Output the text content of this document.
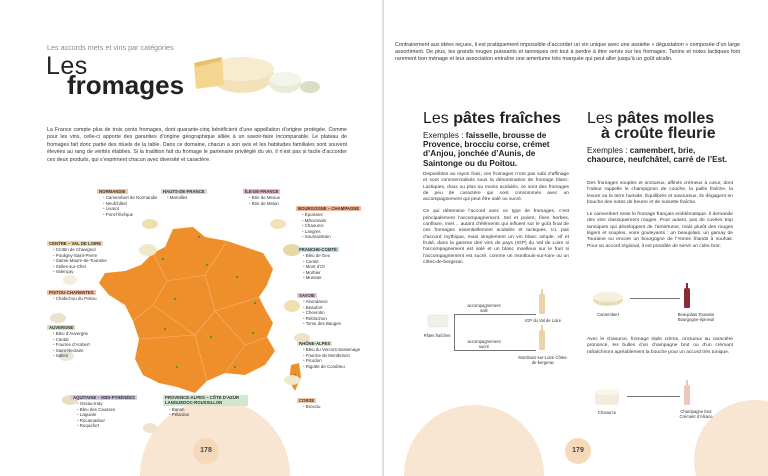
Les accords mets et vins par catégories
Les
fromages
La France compte plus de trois cents fromages, dont quarante-cinq bénéficient d’une appellation d’origine protégée. Comme pour les vins, celle-ci apporte des garanties d’origine géographique alliée à un savoir-faire incomparable. Le plateau de fromages fait donc partie des rituels de la table. Dans ce domaine, chacun a son avis et les habitudes familiales sont souvent élevées au rang de vérités établies. Si la tradition fait du fromage le partenaire privilégié du vin, il n’est pas si facile d’accorder ces deux produits, qui s’expriment chacun avec diversité et caractère.
NORMANDIE
• Camembert de Normandie
• Neufchâtel
• Livarot
• Pont-l’Évêque
HAUTS-DE-FRANCE
• Maroilles
ÎLE-DE-FRANCE
• Brie de Meaux
• Brie de Melun
BOURGOGNE – CHAMPAGNE
• Époisses
• Mâconnais
• Chaource
• Langres
• Soumaintrain
CENTRE – VAL DE LOIRE
• Crottin de Chavignol
• Pouligny-Saint-Pierre
• Sainte-Maure-de-Touraine
• Selles-sur-Cher
• Valençay
FRANCHE-COMTÉ
• Bleu de Gex
• Comté
• Mont d’Or
• Morbier
• Munster
POITOU-CHARENTES
• Chabichou du Poitou
SAVOIE
• Abondance
• Beaufort
• Chevrotin
• Reblochon
• Tome des Bauges
AUVERGNE
• Bleu d’Auvergne
• Cantal
• Fourme d’Ambert
• Saint-Nectaire
• Salers
RHÔNE-ALPES
• Bleu du Vercors-Sassenage
• Fourme de Montbrison
• Picodon
• Rigotte de Condrieu
AQUITAINE – MIDI-PYRÉNÉES
• Ossau-Iraty
• Bleu des Causses
• Laguiole
• Rocamadour
• Roquefort
PROVENCE-ALPES – CÔTE D’AZUR LANGUEDOC-ROUSSILLON
• Banon
• Pélardon
CORSE
• Brocciu
178
Contrairement aux idées reçues, il est pratiquement impossible d’accorder un vin unique avec une assiette « dégustation » composée d’un large assortiment. De plus, les grands rouges puissants et tanniques ont tout à perdre à être servis sur les fromages. Tanins et notes lactiques font rarement bon ménage et leur association entraîne une amertume très marquée qui peut aller jusqu’à un goût alcalin.
Les pâtes fraîches
Exemples : faisselle, brousse de Provence, brocciu corse, crémet d’Anjou, jonchée d’Aunis, de Saintonge ou du Poitou.

Disponibles au rayon frais, ces fromages n’ont pas subi d’affinage et sont commercialisés sous la dénomination de fromage blanc. Lactiques, doux ou plus ou moins acidulés, ce sont des fromages de peu de caractère qui sont consommés avec un accompagnement qui peut être salé ou sucré.

Ce qui détermine l’accord avec ce type de fromages, c’est principalement l’accompagnement. Sel et poivre, fines herbes, confiture, miel… autant d’éléments qui influent sur le goût final de ces fromages essentiellement acidulés et lactiques. Ici, pas d’accord mythique, mais simplement un vin blanc simple, vif et fruité, dans la gamme des vins de pays (IGP) du Val de Loire si l’accompagnement est salé et un blanc moelleux sur le fruit si l’accompagnement est sucré, comme un montlouis-sur-loire ou un côtes-de-bergerac.

Pâtes fraîches
accompagnement salé
accompagnement sucré
IGP du Val de Loire
Montlouis-sur-Loire Côtes-de-bergerac
Les pâtes molles
à croûte fleurie
Exemples : camembert, brie, chaource, neufchâtel, carré de l’Est.

Des fromages souples et onctueux, affinés crémeux à cœur, dont l’odeur rappelle le champignon de couche, la paille fraîche, la levure ou la terre humide. Équilibrés et savoureux, ils dégagent en bouche des notes de beurre et de noisette fraîche.

Le camembert reste le fromage français emblématique. Il demande des vins classiquement rouges. Pour autant, pas de cuvées trop tanniques qui développent de l’amertume, mais plutôt des rouges légers et souples, voire gouleyants : un beaujolais, un gamay de Touraine ou encore un bourgogne de l’Yonne friands à souhait. Pour un accord régional, il est possible de servir un cidre brut.

Camembert	Beaujolais Touraine Bourgogne-épineuil

Avec le chaource, fromage triple crème, onctueux au caractère prononcé, les bulles d’un champagne brut ou d’un crémant rafraîchiront agréablement la bouche pour un accord très tonique.

Chaource	Champagne brut Crémant d’Alsace
179
